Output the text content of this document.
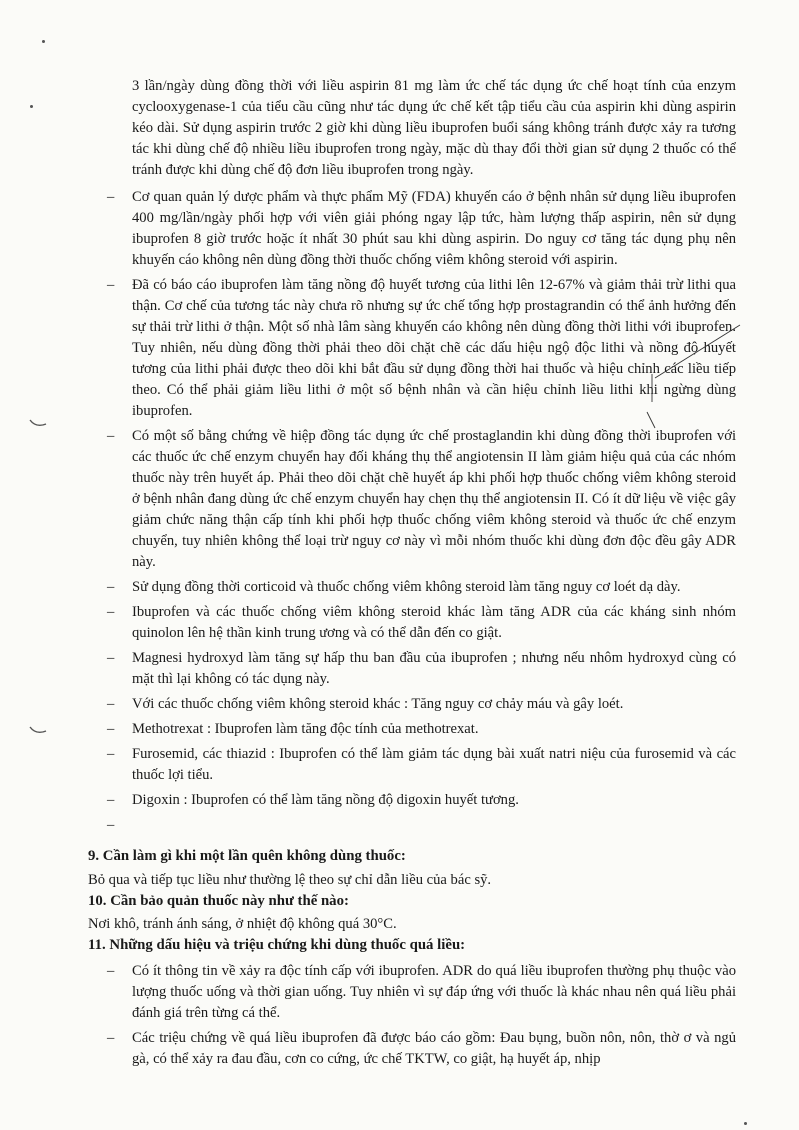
3 lần/ngày dùng đồng thời với liều aspirin 81 mg làm ức chế tác dụng ức chế hoạt tính của enzym cyclooxygenase-1 của tiểu cầu cũng như tác dụng ức chế kết tập tiểu cầu của aspirin khi dùng aspirin kéo dài. Sử dụng aspirin trước 2 giờ khi dùng liều ibuprofen buổi sáng không tránh được xảy ra tương tác khi dùng chế độ nhiều liều ibuprofen trong ngày, mặc dù thay đổi thời gian sử dụng 2 thuốc có thể tránh được khi dùng chế độ đơn liều ibuprofen trong ngày.

– Cơ quan quản lý dược phẩm và thực phẩm Mỹ (FDA) khuyến cáo ở bệnh nhân sử dụng liều ibuprofen 400 mg/lần/ngày phối hợp với viên giải phóng ngay lập tức, hàm lượng thấp aspirin, nên sử dụng ibuprofen 8 giờ trước hoặc ít nhất 30 phút sau khi dùng aspirin. Do nguy cơ tăng tác dụng phụ nên khuyến cáo không nên dùng đồng thời thuốc chống viêm không steroid với aspirin.
– Đã có báo cáo ibuprofen làm tăng nồng độ huyết tương của lithi lên 12-67% và giảm thải trừ lithi qua thận. Cơ chế của tương tác này chưa rõ nhưng sự ức chế tổng hợp prostagrandin có thể ảnh hưởng đến sự thải trừ lithi ở thận. Một số nhà lâm sàng khuyến cáo không nên dùng đồng thời lithi với ibuprofen. Tuy nhiên, nếu dùng đồng thời phải theo dõi chặt chẽ các dấu hiệu ngộ độc lithi và nồng độ huyết tương của lithi phải được theo dõi khi bắt đầu sử dụng đồng thời hai thuốc và hiệu chỉnh các liều tiếp theo. Có thể phải giảm liều lithi ở một số bệnh nhân và cần hiệu chỉnh liều lithi khi ngừng dùng ibuprofen.
– Có một số bằng chứng về hiệp đồng tác dụng ức chế prostaglandin khi dùng đồng thời ibuprofen với các thuốc ức chế enzym chuyển hay đối kháng thụ thể angiotensin II làm giảm hiệu quả của các nhóm thuốc này trên huyết áp. Phải theo dõi chặt chẽ huyết áp khi phối hợp thuốc chống viêm không steroid ở bệnh nhân đang dùng ức chế enzym chuyển hay chẹn thụ thể angiotensin II. Có ít dữ liệu về việc gây giảm chức năng thận cấp tính khi phối hợp thuốc chống viêm không steroid và thuốc ức chế enzym chuyển, tuy nhiên không thể loại trừ nguy cơ này vì mỗi nhóm thuốc khi dùng đơn độc đều gây ADR này.
– Sử dụng đồng thời corticoid và thuốc chống viêm không steroid làm tăng nguy cơ loét dạ dày.
– Ibuprofen và các thuốc chống viêm không steroid khác làm tăng ADR của các kháng sinh nhóm quinolon lên hệ thần kinh trung ương và có thể dẫn đến co giật.
– Magnesi hydroxyd làm tăng sự hấp thu ban đầu của ibuprofen ; nhưng nếu nhôm hydroxyd cùng có mặt thì lại không có tác dụng này.
– Với các thuốc chống viêm không steroid khác : Tăng nguy cơ chảy máu và gây loét.
– Methotrexat : Ibuprofen làm tăng độc tính của methotrexat.
– Furosemid, các thiazid : Ibuprofen có thể làm giảm tác dụng bài xuất natri niệu của furosemid và các thuốc lợi tiểu.
– Digoxin : Ibuprofen có thể làm tăng nồng độ digoxin huyết tương.
–
9. Cần làm gì khi một lần quên không dùng thuốc:
Bỏ qua và tiếp tục liều như thường lệ theo sự chỉ dẫn liều của bác sỹ.
10. Cần bảo quản thuốc này như thế nào:
Nơi khô, tránh ánh sáng, ở nhiệt độ không quá 30°C.
11. Những dấu hiệu và triệu chứng khi dùng thuốc quá liều:
– Có ít thông tin về xảy ra độc tính cấp với ibuprofen. ADR do quá liều ibuprofen thường phụ thuộc vào lượng thuốc uống và thời gian uống. Tuy nhiên vì sự đáp ứng với thuốc là khác nhau nên quá liều phải đánh giá trên từng cá thể.
– Các triệu chứng về quá liều ibuprofen đã được báo cáo gồm: Đau bụng, buồn nôn, nôn, thờ ơ và ngủ gà, có thể xảy ra đau đầu, cơn co cứng, ức chế TKTW, co giật, hạ huyết áp, nhịp
